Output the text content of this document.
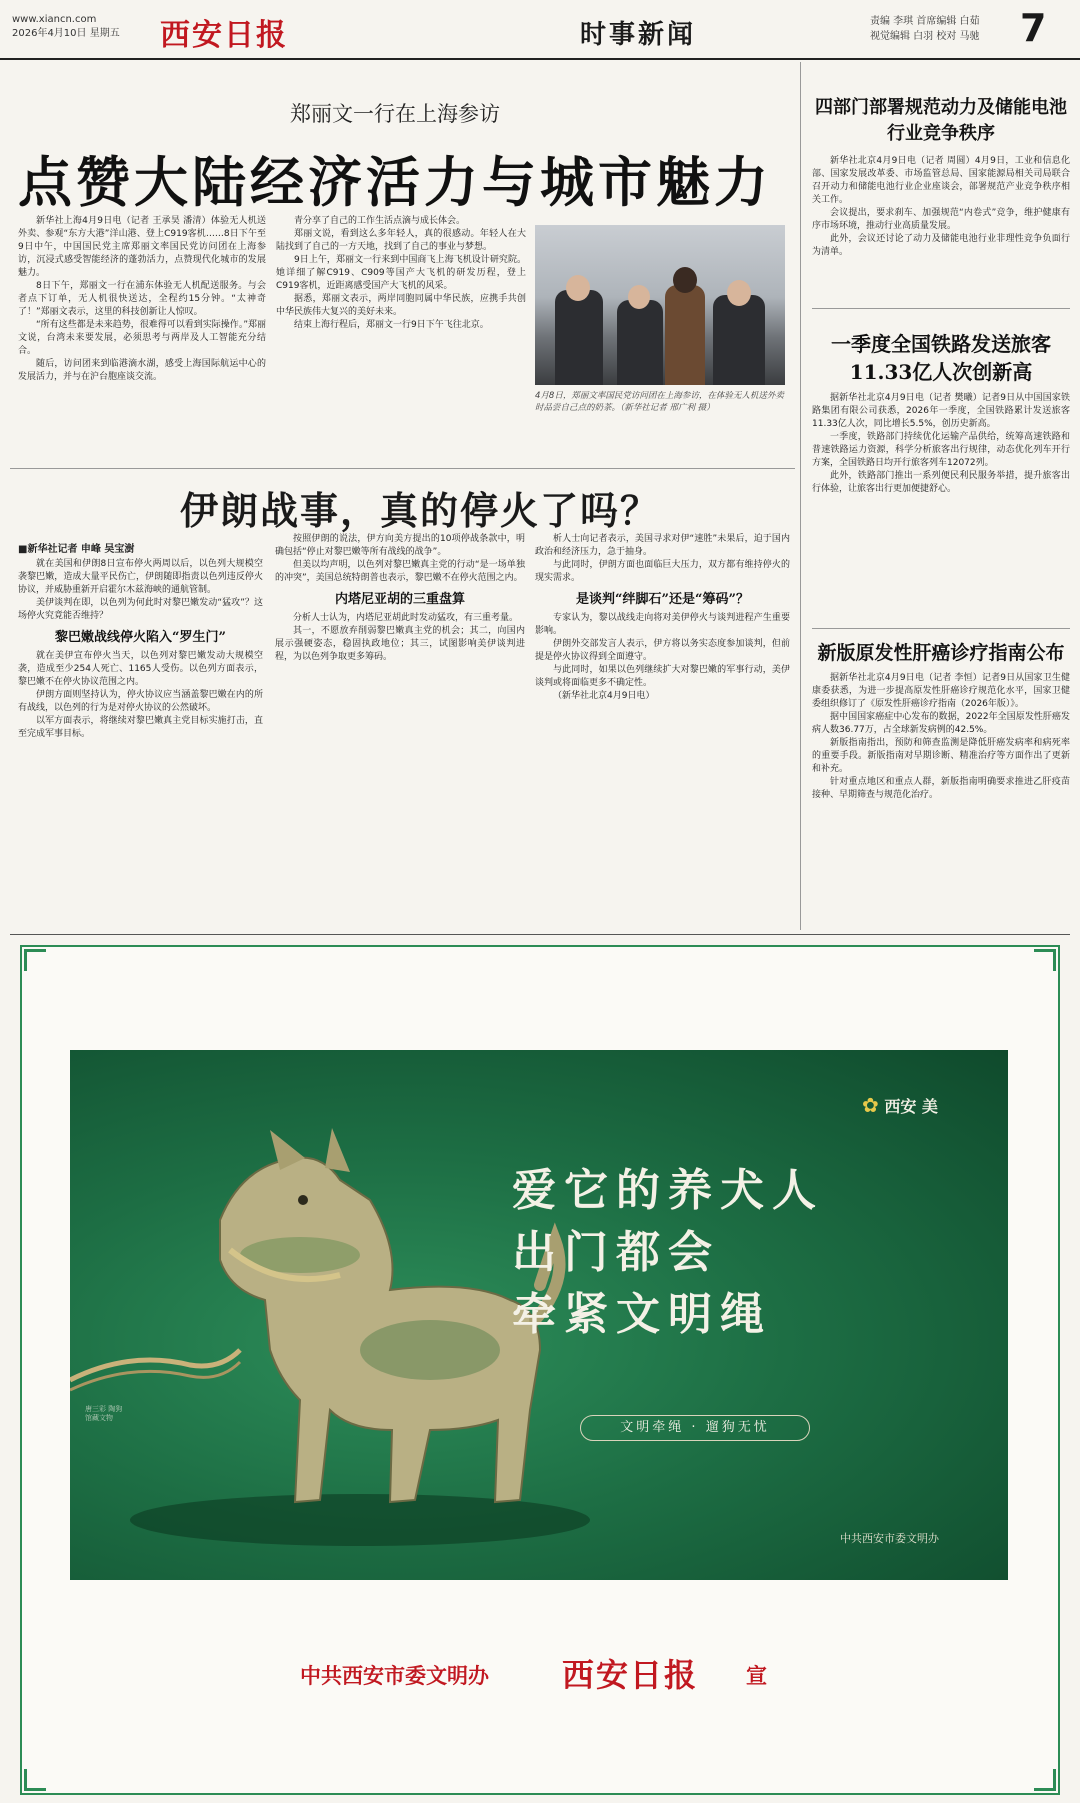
www.xiancn.com
2026年4月10日 星期五 西安日报	时事新闻	责编 李琪 首席编辑 白茹
视觉编辑 白羽 校对 马驰 7
郑丽文一行在上海参访
点赞大陆经济活力与城市魅力

新华社上海4月9日电（记者 王承昊 潘清）体验无人机送外卖、参观“东方大港”洋山港、登上C919客机……8日下午至9日中午，中国国民党主席郑丽文率国民党访问团在上海参访，沉浸式感受智能经济的蓬勃活力，点赞现代化城市的发展魅力。

8日下午，郑丽文一行在浦东体验无人机配送服务。与会者点下订单，无人机很快送达，全程约15分钟。“太神奇了！”郑丽文表示，这里的科技创新让人惊叹。

“所有这些都是未来趋势，很难得可以看到实际操作。”郑丽文说，台湾未来要发展，必须思考与两岸及人工智能充分结合。

随后，访问团来到临港滴水湖，感受上海国际航运中心的发展活力，并与在沪台胞座谈交流。

青分享了自己的工作生活点滴与成长体会。

郑丽文说，看到这么多年轻人，真的很感动。年轻人在大陆找到了自己的一方天地，找到了自己的事业与梦想。

9日上午，郑丽文一行来到中国商飞上海飞机设计研究院。她详细了解C919、C909等国产大飞机的研发历程，登上C919客机，近距离感受国产大飞机的风采。

据悉，郑丽文表示，两岸同胞同属中华民族，应携手共创中华民族伟大复兴的美好未来。

结束上海行程后，郑丽文一行9日下午飞往北京。

4月8日，郑丽文率国民党访问团在上海参访，在体验无人机送外卖时品尝自己点的奶茶。（新华社记者 邢广利 摄）
伊朗战事，真的停火了吗？
■新华社记者 申峰 吴宝澍

就在美国和伊朗8日宣布停火两周以后，以色列大规模空袭黎巴嫩，造成大量平民伤亡，伊朗随即指责以色列违反停火协议，并威胁重新开启霍尔木兹海峡的通航管制。

美伊谈判在即，以色列为何此时对黎巴嫩发动“猛攻”？这场停火究竟能否维持？

黎巴嫩战线停火陷入“罗生门”

就在美伊宣布停火当天，以色列对黎巴嫩发动大规模空袭，造成至少254人死亡、1165人受伤。以色列方面表示，黎巴嫩不在停火协议范围之内。

伊朗方面则坚持认为，停火协议应当涵盖黎巴嫩在内的所有战线，以色列的行为是对停火协议的公然破坏。

以军方面表示，将继续对黎巴嫩真主党目标实施打击，直至完成军事目标。

按照伊朗的说法，伊方向美方提出的10项停战条款中，明确包括“停止对黎巴嫩等所有战线的战争”。

但美以均声明，以色列对黎巴嫩真主党的行动“是一场单独的冲突”，美国总统特朗普也表示，黎巴嫩不在停火范围之内。

内塔尼亚胡的三重盘算

分析人士认为，内塔尼亚胡此时发动猛攻，有三重考量。

其一，不愿放弃削弱黎巴嫩真主党的机会；其二，向国内展示强硬姿态，稳固执政地位；其三，试图影响美伊谈判进程，为以色列争取更多筹码。

析人士向记者表示，美国寻求对伊“速胜”未果后，迫于国内政治和经济压力，急于抽身。

与此同时，伊朗方面也面临巨大压力，双方都有维持停火的现实需求。

是谈判“绊脚石”还是“筹码”？

专家认为，黎以战线走向将对美伊停火与谈判进程产生重要影响。

伊朗外交部发言人表示，伊方将以务实态度参加谈判，但前提是停火协议得到全面遵守。

与此同时，如果以色列继续扩大对黎巴嫩的军事行动，美伊谈判或将面临更多不确定性。

（新华社北京4月9日电）

四部门部署规范动力及储能电池行业竞争秩序

新华社北京4月9日电（记者 周圆）4月9日，工业和信息化部、国家发展改革委、市场监管总局、国家能源局相关司局联合召开动力和储能电池行业企业座谈会，部署规范产业竞争秩序相关工作。

会议提出，要求刹车、加强规范“内卷式”竞争，维护健康有序市场环境，推动行业高质量发展。

此外，会议还讨论了动力及储能电池行业非理性竞争负面行为清单。

一季度全国铁路发送旅客11.33亿人次创新高

据新华社北京4月9日电（记者 樊曦）记者9日从中国国家铁路集团有限公司获悉，2026年一季度，全国铁路累计发送旅客11.33亿人次，同比增长5.5%，创历史新高。

一季度，铁路部门持续优化运输产品供给，统筹高速铁路和普速铁路运力资源，科学分析旅客出行规律，动态优化列车开行方案，全国铁路日均开行旅客列车12072列。

此外，铁路部门推出一系列便民利民服务举措，提升旅客出行体验，让旅客出行更加便捷舒心。

新版原发性肝癌诊疗指南公布

据新华社北京4月9日电（记者 李恒）记者9日从国家卫生健康委获悉，为进一步提高原发性肝癌诊疗规范化水平，国家卫健委组织修订了《原发性肝癌诊疗指南（2026年版）》。

据中国国家癌症中心发布的数据，2022年全国原发性肝癌发病人数36.77万，占全球新发病例的42.5%。

新版指南指出，预防和筛查监测是降低肝癌发病率和病死率的重要手段。新版指南对早期诊断、精准治疗等方面作出了更新和补充。

针对重点地区和重点人群，新版指南明确要求推进乙肝疫苗接种、早期筛查与规范化治疗。

唐三彩 陶狗 馆藏文物
✿ 西安 美
爱它的养犬人
出门都会
牵紧文明绳
文明牵绳 · 遛狗无忧
中共西安市委文明办
中共西安市委文明办 西安日报 宣
